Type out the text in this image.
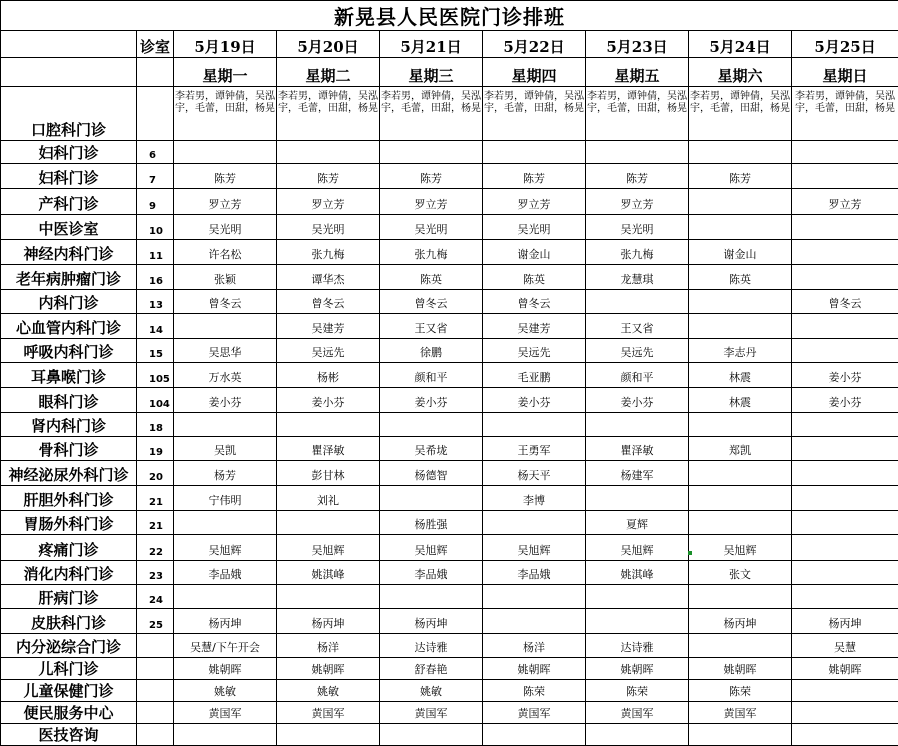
新晃县人民医院门诊排班								
	诊室	5月19日	5月20日	5月21日	5月22日	5月23日	5月24日	5月25日
		星期一	星期二	星期三	星期四	星期五	星期六	星期日
口腔科门诊		李若男，谭钟倩，吴泓宇，毛蕾，田甜，杨晃	李若男，谭钟倩，吴泓宇，毛蕾，田甜，杨晃	李若男，谭钟倩，吴泓宇，毛蕾，田甜，杨晃	李若男，谭钟倩，吴泓宇，毛蕾，田甜，杨晃	李若男，谭钟倩，吴泓宇，毛蕾，田甜，杨晃	李若男，谭钟倩，吴泓宇，毛蕾，田甜，杨晃	李若男，谭钟倩，吴泓宇，毛蕾，田甜，杨晃
妇科门诊	6							
妇科门诊	7	陈芳	陈芳	陈芳	陈芳	陈芳	陈芳	
产科门诊	9	罗立芳	罗立芳	罗立芳	罗立芳	罗立芳		罗立芳
中医诊室	10	吴光明	吴光明	吴光明	吴光明	吴光明		
神经内科门诊	11	许名松	张九梅	张九梅	谢金山	张九梅	谢金山	
老年病肿瘤门诊	16	张颖	谭华杰	陈英	陈英	龙慧琪	陈英	
内科门诊	13	曾冬云	曾冬云	曾冬云	曾冬云			曾冬云
心血管内科门诊	14		吴建芳	王又省	吴建芳	王又省		
呼吸内科门诊	15	吴思华	吴远先	徐鹏	吴远先	吴远先	李志丹	
耳鼻喉门诊	105	万水英	杨彬	颜和平	毛亚鹏	颜和平	林震	姜小芬
眼科门诊	104	姜小芬	姜小芬	姜小芬	姜小芬	姜小芬	林震	姜小芬
肾内科门诊	18							
骨科门诊	19	吴凯	瞿泽敏	吴希垅	王勇军	瞿泽敏	郑凯	
神经泌尿外科门诊	20	杨芳	彭甘林	杨德智	杨天平	杨建军		
肝胆外科门诊	21	宁伟明	刘礼		李博			
胃肠外科门诊	21			杨胜强		夏辉		
疼痛门诊	22	吴旭辉	吴旭辉	吴旭辉	吴旭辉	吴旭辉	吴旭辉	
消化内科门诊	23	李品娥	姚淇峰	李品娥	李品娥	姚淇峰	张文	
肝病门诊	24							
皮肤科门诊	25	杨丙坤	杨丙坤	杨丙坤			杨丙坤	杨丙坤
内分泌综合门诊		吴慧/下午开会	杨洋	达诗雅	杨洋	达诗雅		吴慧
儿科门诊		姚朝晖	姚朝晖	舒春艳	姚朝晖	姚朝晖	姚朝晖	姚朝晖
儿童保健门诊		姚敏	姚敏	姚敏	陈荣	陈荣	陈荣	
便民服务中心		黄国军	黄国军	黄国军	黄国军	黄国军	黄国军	
医技咨询								
